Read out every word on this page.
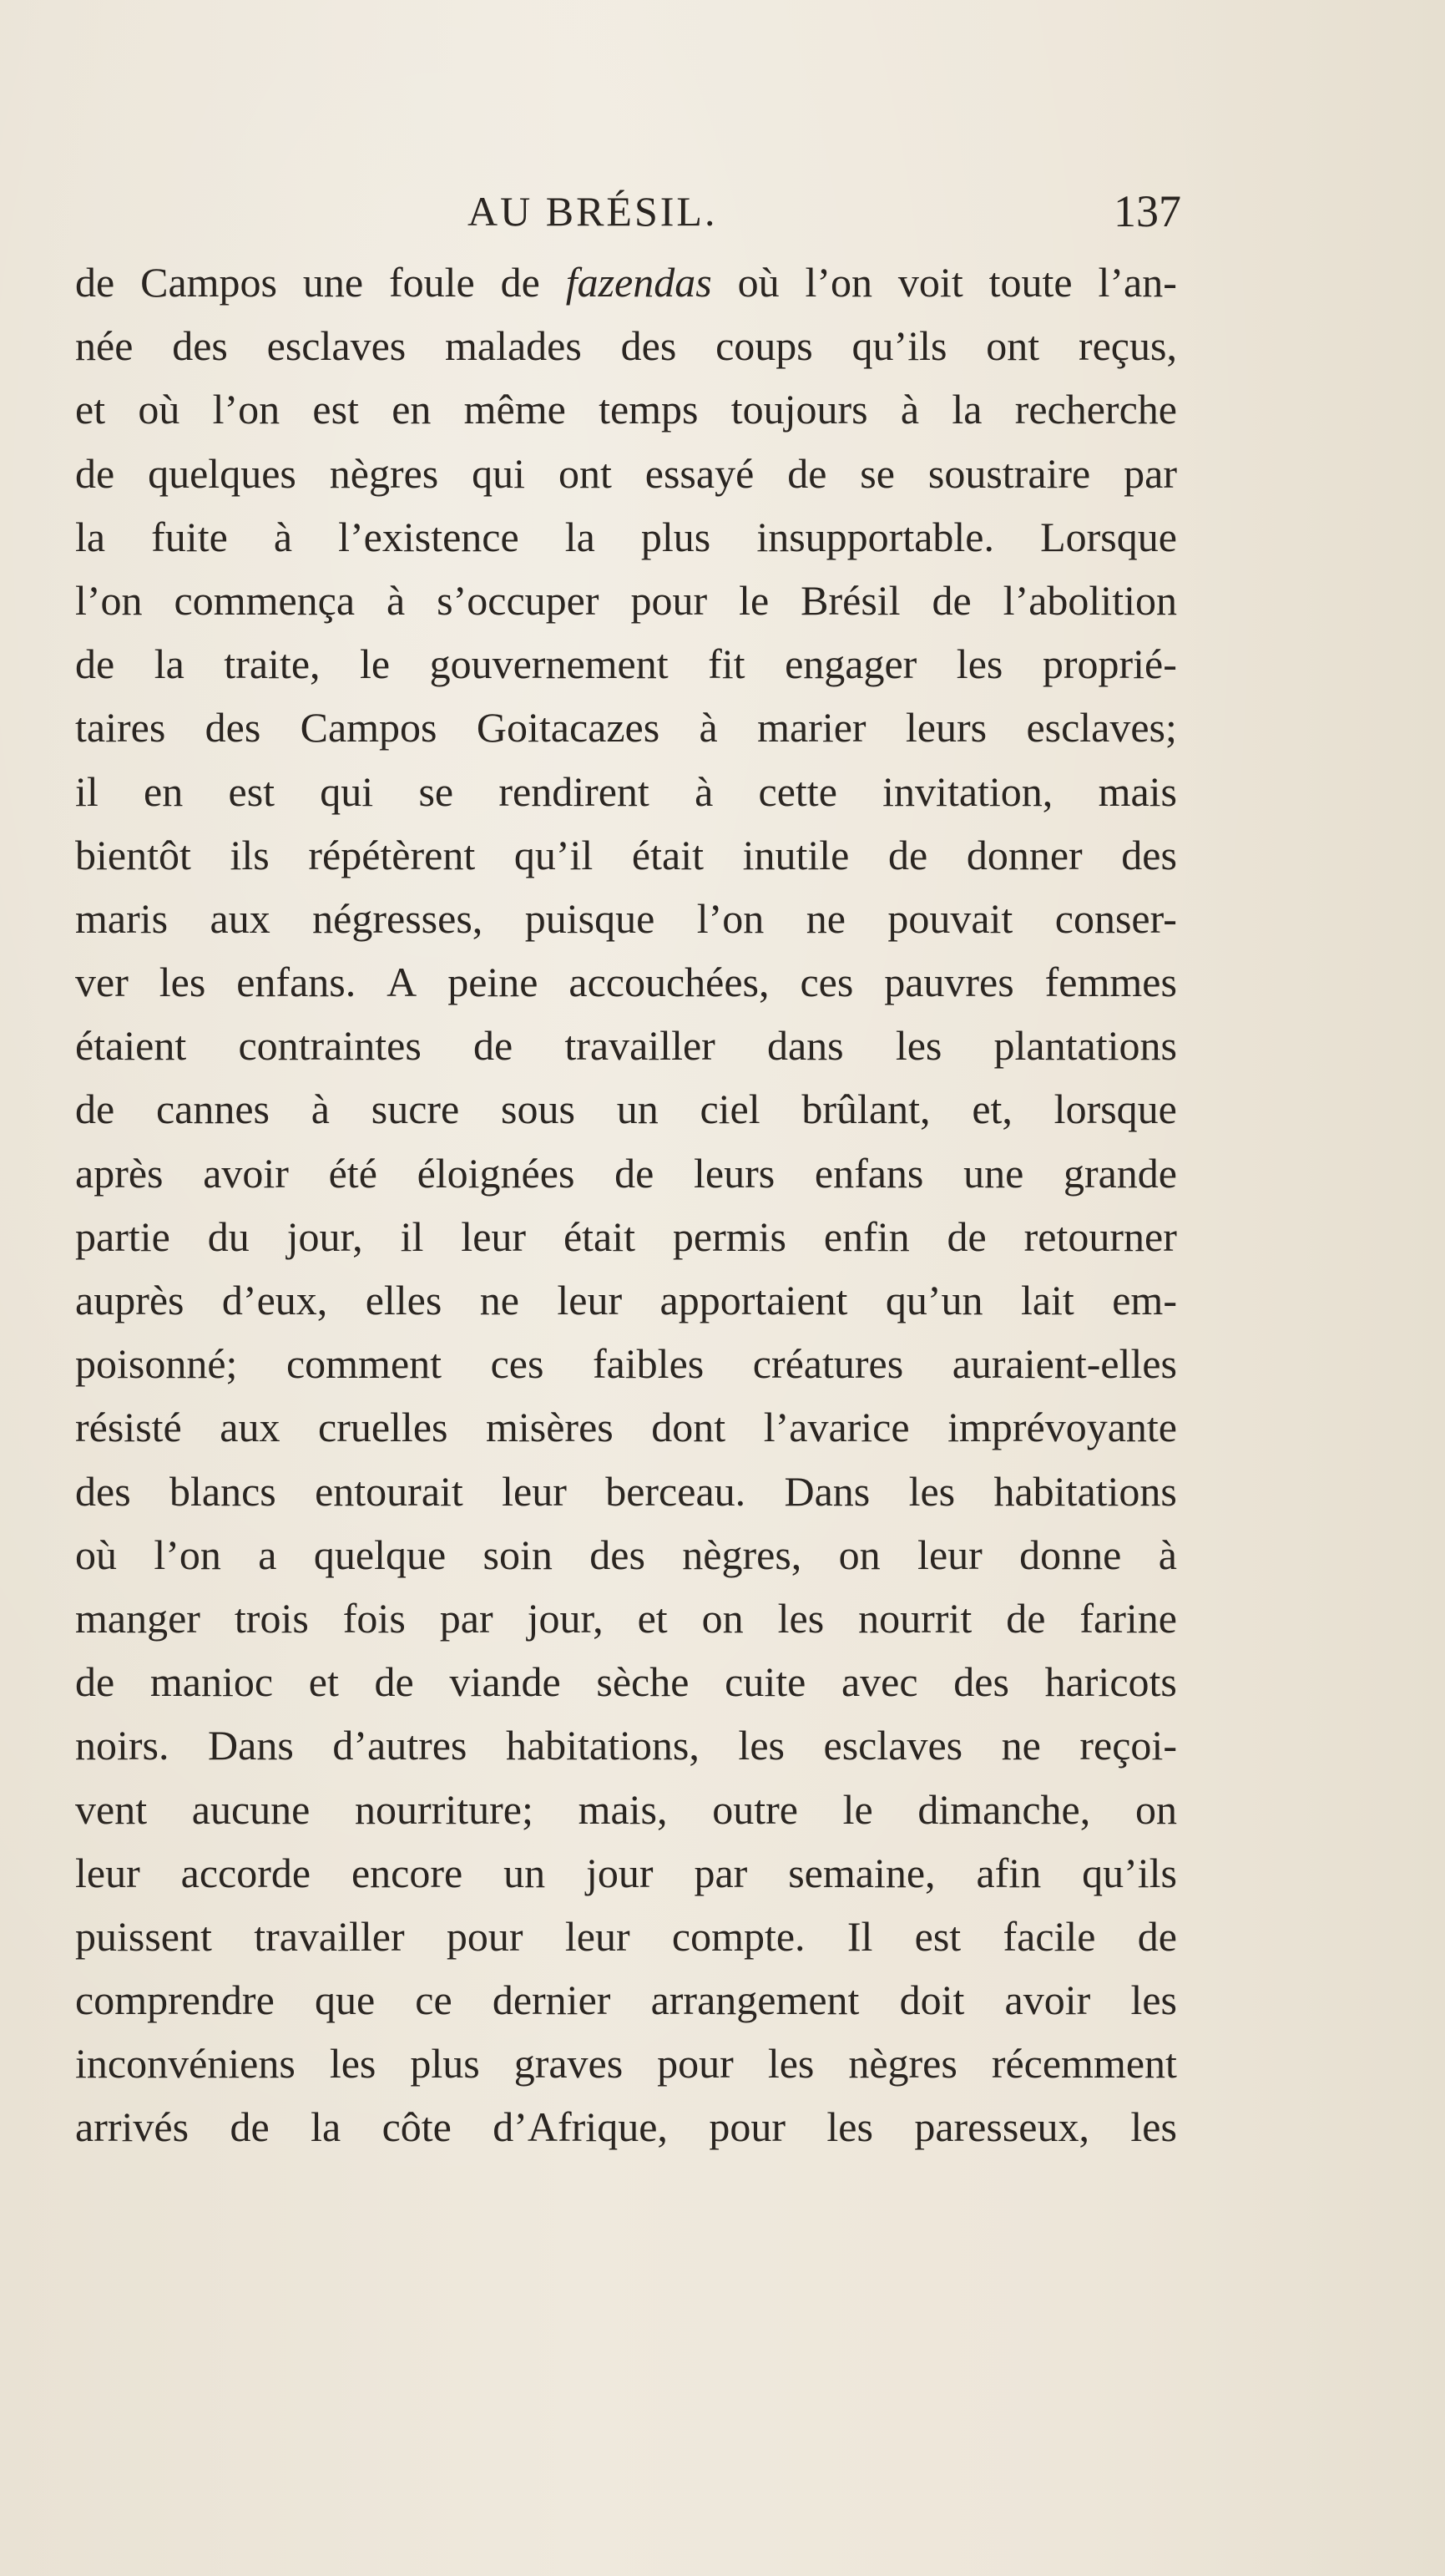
AU BRÉSIL.	137
de Campos une foule de fazendas où l’on voit toute l’an-
née des esclaves malades des coups qu’ils ont reçus,
et où l’on est en même temps toujours à la recherche
de quelques nègres qui ont essayé de se soustraire par
la fuite à l’existence la plus insupportable. Lorsque
l’on commença à s’occuper pour le Brésil de l’abolition
de la traite, le gouvernement fit engager les proprié-
taires des Campos Goitacazes à marier leurs esclaves;
il en est qui se rendirent à cette invitation, mais
bientôt ils répétèrent qu’il était inutile de donner des
maris aux négresses, puisque l’on ne pouvait conser-
ver les enfans. A peine accouchées, ces pauvres femmes
étaient contraintes de travailler dans les plantations
de cannes à sucre sous un ciel brûlant, et, lorsque
après avoir été éloignées de leurs enfans une grande
partie du jour, il leur était permis enfin de retourner
auprès d’eux, elles ne leur apportaient qu’un lait em-
poisonné; comment ces faibles créatures auraient-elles
résisté aux cruelles misères dont l’avarice imprévoyante
des blancs entourait leur berceau. Dans les habitations
où l’on a quelque soin des nègres, on leur donne à
manger trois fois par jour, et on les nourrit de farine
de manioc et de viande sèche cuite avec des haricots
noirs. Dans d’autres habitations, les esclaves ne reçoi-
vent aucune nourriture; mais, outre le dimanche, on
leur accorde encore un jour par semaine, afin qu’ils
puissent travailler pour leur compte. Il est facile de
comprendre que ce dernier arrangement doit avoir les
inconvéniens les plus graves pour les nègres récemment
arrivés de la côte d’Afrique, pour les paresseux, les
